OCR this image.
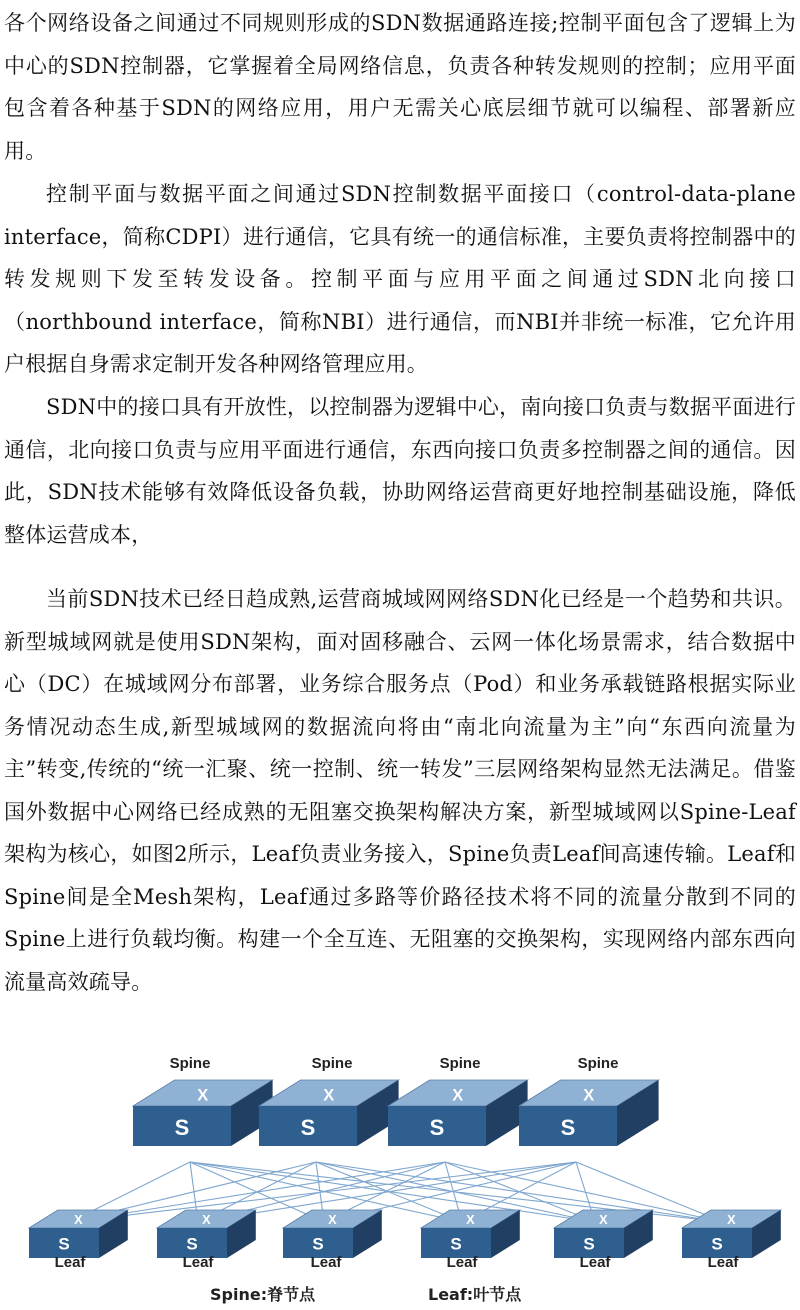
各个网络设备之间通过不同规则形成的SDN数据通路连接;控制平面包含了逻辑上为中心的SDN控制器，它掌握着全局网络信息，负责各种转发规则的控制；应用平面包含着各种基于SDN的网络应用，用户无需关心底层细节就可以编程、部署新应用。

控制平面与数据平面之间通过SDN控制数据平面接口（control-data-plane interface，简称CDPI）进行通信，它具有统一的通信标准，主要负责将控制器中的转发规则下发至转发设备。控制平面与应用平面之间通过SDN北向接口（northbound interface，简称NBI）进行通信，而NBI并非统一标准，它允许用户根据自身需求定制开发各种网络管理应用。

SDN中的接口具有开放性，以控制器为逻辑中心，南向接口负责与数据平面进行通信，北向接口负责与应用平面进行通信，东西向接口负责多控制器之间的通信。因此，SDN技术能够有效降低设备负载，协助网络运营商更好地控制基础设施，降低整体运营成本，

当前SDN技术已经日趋成熟,运营商城域网网络SDN化已经是一个趋势和共识。新型城域网就是使用SDN架构，面对固移融合、云网一体化场景需求，结合数据中心（DC）在城域网分布部署，业务综合服务点（Pod）和业务承载链路根据实际业务情况动态生成,新型城域网的数据流向将由“南北向流量为主”向“东西向流量为主”转变,传统的“统一汇聚、统一控制、统一转发”三层网络架构显然无法满足。借鉴国外数据中心网络已经成熟的无阻塞交换架构解决方案，新型城域网以Spine-Leaf架构为核心，如图2所示，Leaf负责业务接入，Spine负责Leaf间高速传输。Leaf和Spine间是全Mesh架构，Leaf通过多路等价路径技术将不同的流量分散到不同的Spine上进行负载均衡。构建一个全互连、无阻塞的交换架构，实现网络内部东西向流量高效疏导。

X
S
X
S
X
S
X
S
X
S
X
S
X
S
X
S
X
S
X
S
Spine	Spine	Spine	Spine
Leaf	Leaf	Leaf	Leaf	Leaf	Leaf
Spine:脊节点	Leaf:叶节点
